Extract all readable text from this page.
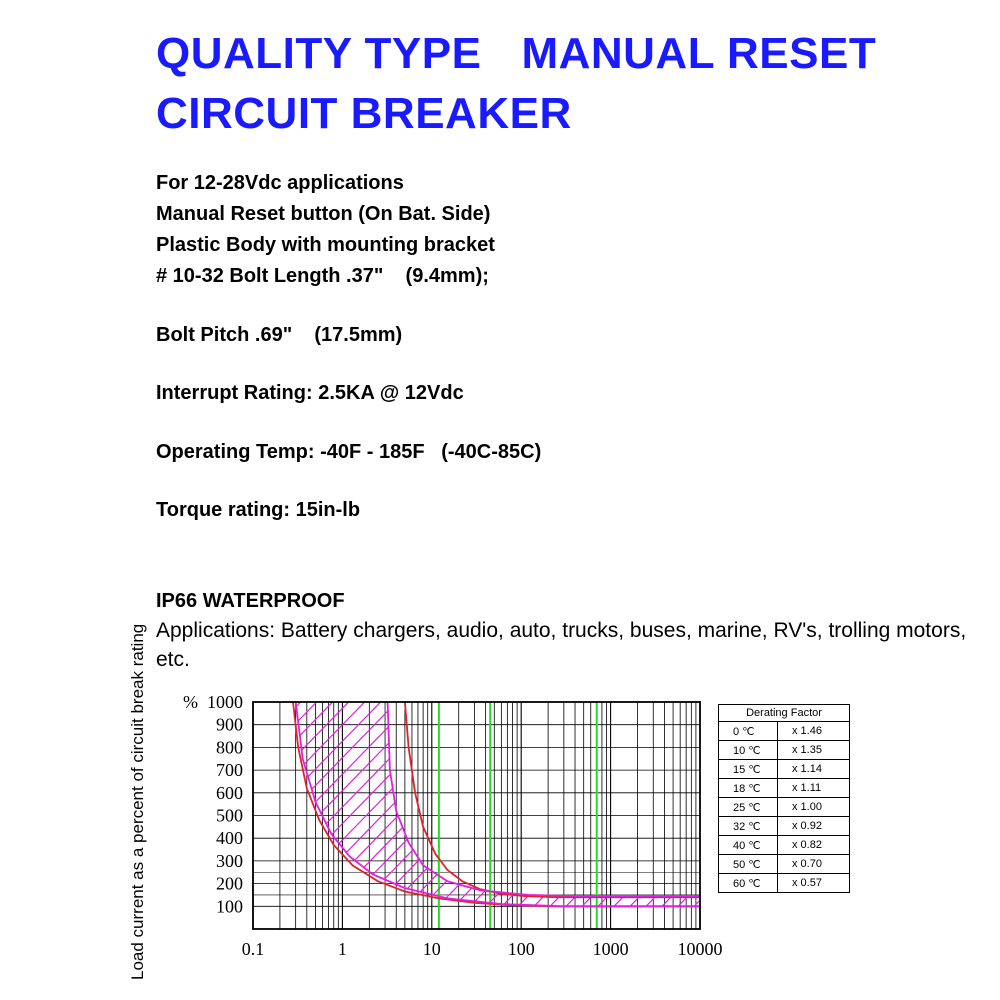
QUALITY TYPE MANUAL RESET
CIRCUIT BREAKER
For 12-28Vdc applications
Manual Reset button (On Bat. Side)
Plastic Body with mounting bracket
# 10-32 Bolt Length .37"    (9.4mm);
Bolt Pitch .69"    (17.5mm)
Interrupt Rating: 2.5KA @ 12Vdc
Operating Temp: -40F - 185F   (-40C-85C)
Torque rating: 15in-lb
IP66 WATERPROOF
Applications: Battery chargers, audio, auto, trucks, buses, marine, RV's, trolling motors, etc.
Load current as a percent of circuit break rating	0.1	1	10	100	1000	10000
1000
900
800
700
600
500
400
300
200
100
%
Derating Factor	
0 ℃	x 1.46
10 ℃	x 1.35
15 ℃	x 1.14
18 ℃	x 1.11
25 ℃	x 1.00
32 ℃	x 0.92
40 ℃	x 0.82
50 ℃	x 0.70
60 ℃	x 0.57
